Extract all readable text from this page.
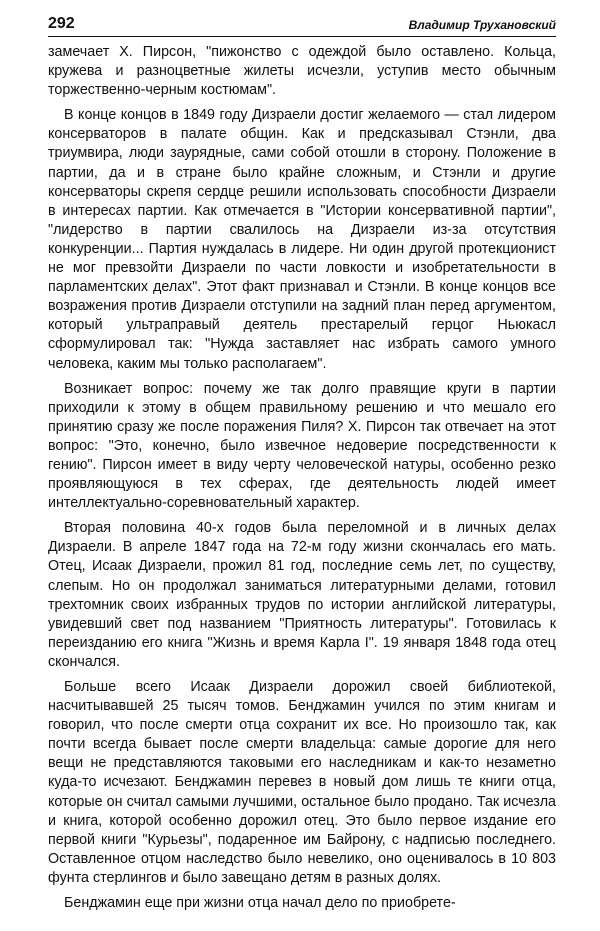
292	Владимир Трухановский

замечает Х. Пирсон, "пижонство с одеждой было оставлено. Кольца, кружева и разноцветные жилеты исчезли, уступив место обычным торжественно-черным костюмам".

В конце концов в 1849 году Дизраели достиг желаемого — стал лидером консерваторов в палате общин. Как и предсказывал Стэнли, два триумвира, люди заурядные, сами собой отошли в сторону. Положение в партии, да и в стране было крайне сложным, и Стэнли и другие консерваторы скрепя сердце решили использовать способности Дизраели в интересах партии. Как отмечается в "Истории консервативной партии", "лидерство в партии свалилось на Дизраели из-за отсутствия конкуренции... Партия нуждалась в лидере. Ни один другой протекционист не мог превзойти Дизраели по части ловкости и изобретательности в парламентских делах". Этот факт признавал и Стэнли. В конце концов все возражения против Дизраели отступили на задний план перед аргументом, который ультраправый деятель престарелый герцог Ньюкасл сформулировал так: "Нужда заставляет нас избрать самого умного человека, каким мы только располагаем".

Возникает вопрос: почему же так долго правящие круги в партии приходили к этому в общем правильному решению и что мешало его принятию сразу же после поражения Пиля? Х. Пирсон так отвечает на этот вопрос: "Это, конечно, было извечное недоверие посредственности к гению". Пирсон имеет в виду черту человеческой натуры, особенно резко проявляющуюся в тех сферах, где деятельность людей имеет интеллектуально-соревновательный характер.

Вторая половина 40-х годов была переломной и в личных делах Дизраели. В апреле 1847 года на 72-м году жизни скончалась его мать. Отец, Исаак Дизраели, прожил 81 год, последние семь лет, по существу, слепым. Но он продолжал заниматься литературными делами, готовил трехтомник своих избранных трудов по истории английской литературы, увидевший свет под названием "Приятность литературы". Готовилась к переизданию его книга "Жизнь и время Карла I". 19 января 1848 года отец скончался.

Больше всего Исаак Дизраели дорожил своей библиотекой, насчитывавшей 25 тысяч томов. Бенджамин учился по этим книгам и говорил, что после смерти отца сохранит их все. Но произошло так, как почти всегда бывает после смерти владельца: самые дорогие для него вещи не представляются таковыми его наследникам и как-то незаметно куда-то исчезают. Бенджамин перевез в новый дом лишь те книги отца, которые он считал самыми лучшими, остальное было продано. Так исчезла и книга, которой особенно дорожил отец. Это было первое издание его первой книги "Курьезы", подаренное им Байрону, с надписью последнего. Оставленное отцом наследство было невелико, оно оценивалось в 10 803 фунта стерлингов и было завещано детям в разных долях.

Бенджамин еще при жизни отца начал дело по приобрете-
